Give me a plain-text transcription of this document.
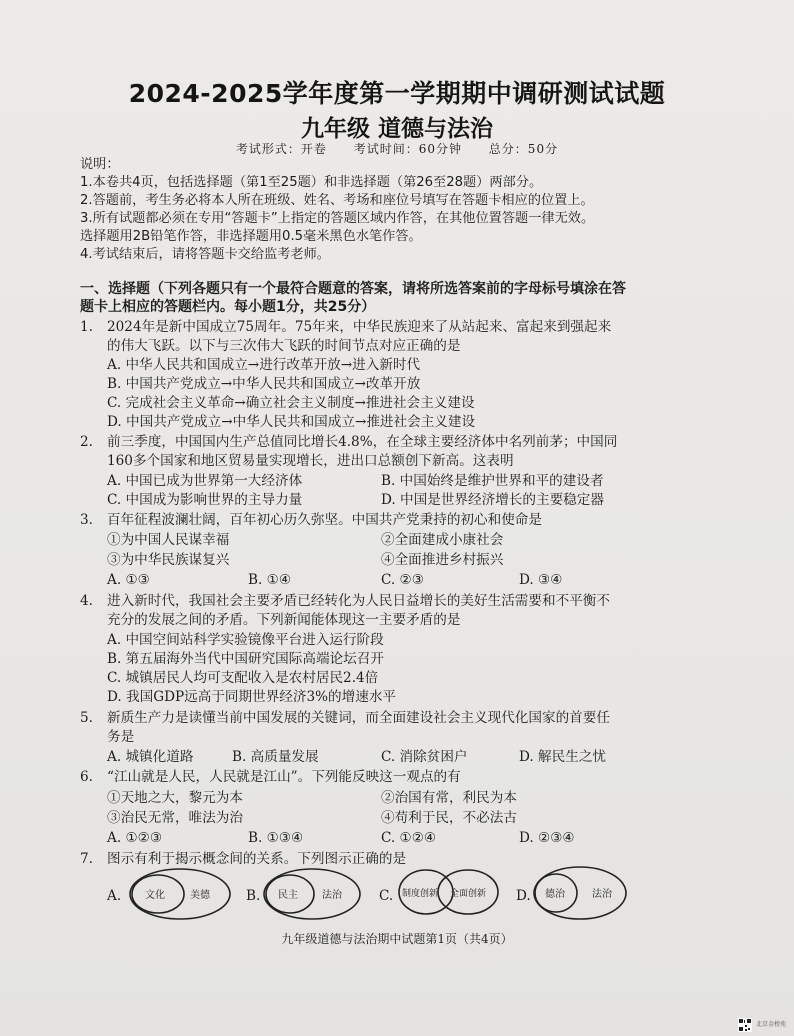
2024-2025学年度第一学期期中调研测试试题
九年级 道德与法治
考试形式：开卷 考试时间：60分钟 总分：50分
说明：
1.本卷共4页，包括选择题（第1至25题）和非选择题（第26至28题）两部分。
2.答题前，考生务必将本人所在班级、姓名、考场和座位号填写在答题卡相应的位置上。
3.所有试题都必须在专用“答题卡”上指定的答题区域内作答，在其他位置答题一律无效。
选择题用2B铅笔作答，非选择题用0.5毫米黑色水笔作答。
4.考试结束后，请将答题卡交给监考老师。
一、选择题（下列各题只有一个最符合题意的答案，请将所选答案前的字母标号填涂在答
题卡上相应的答题栏内。每小题1分，共25分）
1. 2024年是新中国成立75周年。75年来，中华民族迎来了从站起来、富起来到强起来
的伟大飞跃。以下与三次伟大飞跃的时间节点对应正确的是
A. 中华人民共和国成立→进行改革开放→进入新时代
B. 中国共产党成立→中华人民共和国成立→改革开放
C. 完成社会主义革命→确立社会主义制度→推进社会主义建设
D. 中国共产党成立→中华人民共和国成立→推进社会主义建设
2. 前三季度，中国国内生产总值同比增长4.8%，在全球主要经济体中名列前茅；中国同
160多个国家和地区贸易量实现增长，进出口总额创下新高。这表明
A. 中国已成为世界第一大经济体	B. 中国始终是维护世界和平的建设者
C. 中国成为影响世界的主导力量	D. 中国是世界经济增长的主要稳定器
3. 百年征程波澜壮阔，百年初心历久弥坚。中国共产党秉持的初心和使命是
①为中国人民谋幸福	②全面建成小康社会
③为中华民族谋复兴	④全面推进乡村振兴
A. ①③	B. ①④	C. ②③	D. ③④
4. 进入新时代，我国社会主要矛盾已经转化为人民日益增长的美好生活需要和不平衡不
充分的发展之间的矛盾。下列新闻能体现这一主要矛盾的是
A. 中国空间站科学实验镜像平台进入运行阶段
B. 第五届海外当代中国研究国际高端论坛召开
C. 城镇居民人均可支配收入是农村居民2.4倍
D. 我国GDP远高于同期世界经济3%的增速水平
5. 新质生产力是读懂当前中国发展的关键词，而全面建设社会主义现代化国家的首要任
务是
A. 城镇化道路	B. 高质量发展	C. 消除贫困户	D. 解民生之忧
6. “江山就是人民，人民就是江山”。下列能反映这一观点的有
①天地之大，黎元为本	②治国有常，利民为本
③治民无常，唯法为治	④苟利于民，不必法古
A. ①②③	B. ①③④	C. ①②④	D. ②③④
7. 图示有利于揭示概念间的关系。下列图示正确的是
A. 文化	美德	B. 民主 法治	C. 制度创新 全面创新 D. 德治	法治
九年级道德与法治期中试题第1页（共4页）
北京金榜苑
